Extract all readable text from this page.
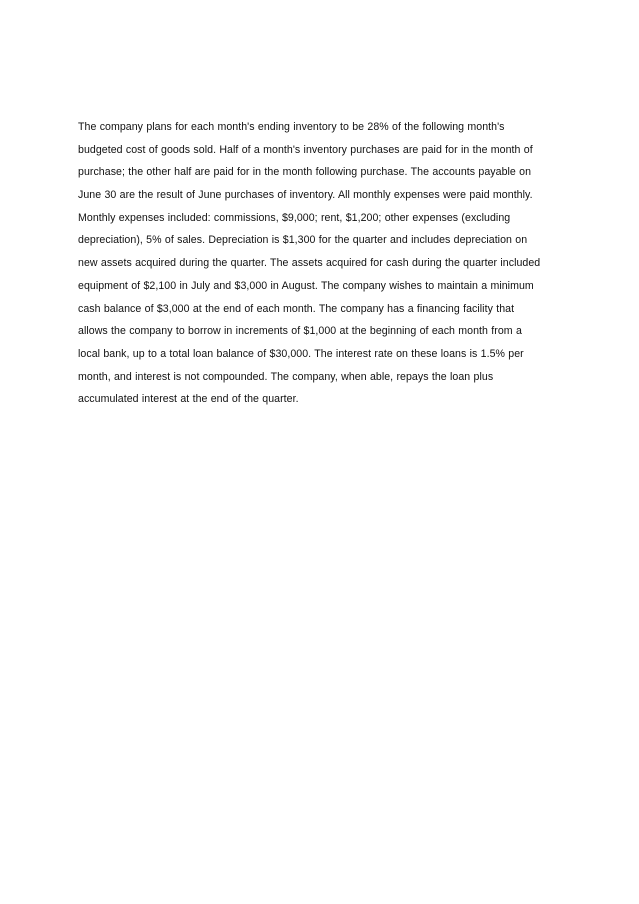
The company plans for each month's ending inventory to be 28% of the following month's
budgeted cost of goods sold. Half of a month's inventory purchases are paid for in the month of
purchase; the other half are paid for in the month following purchase. The accounts payable on
June 30 are the result of June purchases of inventory. All monthly expenses were paid monthly.
Monthly expenses included: commissions, $9,000; rent, $1,200; other expenses (excluding
depreciation), 5% of sales. Depreciation is $1,300 for the quarter and includes depreciation on
new assets acquired during the quarter. The assets acquired for cash during the quarter included
equipment of $2,100 in July and $3,000 in August. The company wishes to maintain a minimum
cash balance of $3,000 at the end of each month. The company has a financing facility that
allows the company to borrow in increments of $1,000 at the beginning of each month from a
local bank, up to a total loan balance of $30,000. The interest rate on these loans is 1.5% per
month, and interest is not compounded. The company, when able, repays the loan plus
accumulated interest at the end of the quarter.
